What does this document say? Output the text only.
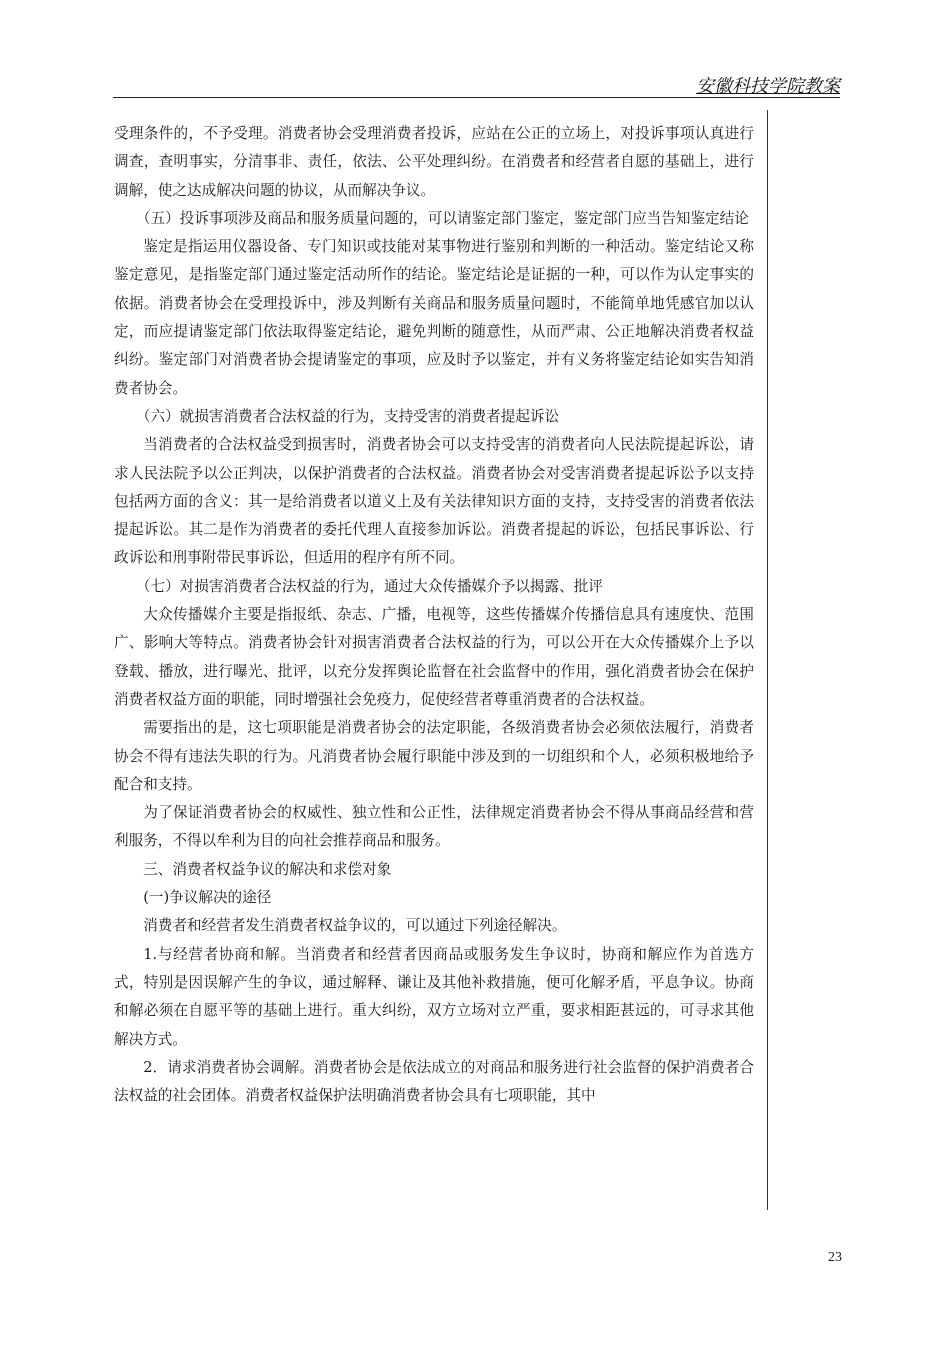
安徽科技学院教案

受理条件的，不予受理。消费者协会受理消费者投诉，应站在公正的立场上，对投诉事项认真进行调查，查明事实，分清事非、责任，依法、公平处理纠纷。在消费者和经营者自愿的基础上，进行调解，使之达成解决问题的协议，从而解决争议。

（五）投诉事项涉及商品和服务质量问题的，可以请鉴定部门鉴定，鉴定部门应当告知鉴定结论

鉴定是指运用仪器设备、专门知识或技能对某事物进行鉴别和判断的一种活动。鉴定结论又称鉴定意见，是指鉴定部门通过鉴定活动所作的结论。鉴定结论是证据的一种，可以作为认定事实的依据。消费者协会在受理投诉中，涉及判断有关商品和服务质量问题时，不能简单地凭感官加以认定，而应提请鉴定部门依法取得鉴定结论，避免判断的随意性，从而严肃、公正地解决消费者权益纠纷。鉴定部门对消费者协会提请鉴定的事项，应及时予以鉴定，并有义务将鉴定结论如实告知消费者协会。

（六）就损害消费者合法权益的行为，支持受害的消费者提起诉讼

当消费者的合法权益受到损害时，消费者协会可以支持受害的消费者向人民法院提起诉讼，请求人民法院予以公正判决，以保护消费者的合法权益。消费者协会对受害消费者提起诉讼予以支持包括两方面的含义：其一是给消费者以道义上及有关法律知识方面的支持，支持受害的消费者依法提起诉讼。其二是作为消费者的委托代理人直接参加诉讼。消费者提起的诉讼，包括民事诉讼、行政诉讼和刑事附带民事诉讼，但适用的程序有所不同。

（七）对损害消费者合法权益的行为，通过大众传播媒介予以揭露、批评

大众传播媒介主要是指报纸、杂志、广播，电视等，这些传播媒介传播信息具有速度快、范围广、影响大等特点。消费者协会针对损害消费者合法权益的行为，可以公开在大众传播媒介上予以登载、播放，进行曝光、批评，以充分发挥舆论监督在社会监督中的作用，强化消费者协会在保护消费者权益方面的职能，同时增强社会免疫力，促使经营者尊重消费者的合法权益。

需要指出的是，这七项职能是消费者协会的法定职能，各级消费者协会必须依法履行，消费者协会不得有违法失职的行为。凡消费者协会履行职能中涉及到的一切组织和个人，必须积极地给予配合和支持。

为了保证消费者协会的权威性、独立性和公正性，法律规定消费者协会不得从事商品经营和营利服务，不得以牟利为目的向社会推荐商品和服务。

三、消费者权益争议的解决和求偿对象

(一)争议解决的途径

消费者和经营者发生消费者权益争议的，可以通过下列途径解决。

1.与经营者协商和解。当消费者和经营者因商品或服务发生争议时，协商和解应作为首选方式，特别是因误解产生的争议，通过解释、谦让及其他补救措施，便可化解矛盾，平息争议。协商和解必须在自愿平等的基础上进行。重大纠纷，双方立场对立严重，要求相距甚远的，可寻求其他解决方式。

2．请求消费者协会调解。消费者协会是依法成立的对商品和服务进行社会监督的保护消费者合法权益的社会团体。消费者权益保护法明确消费者协会具有七项职能，其中

23
